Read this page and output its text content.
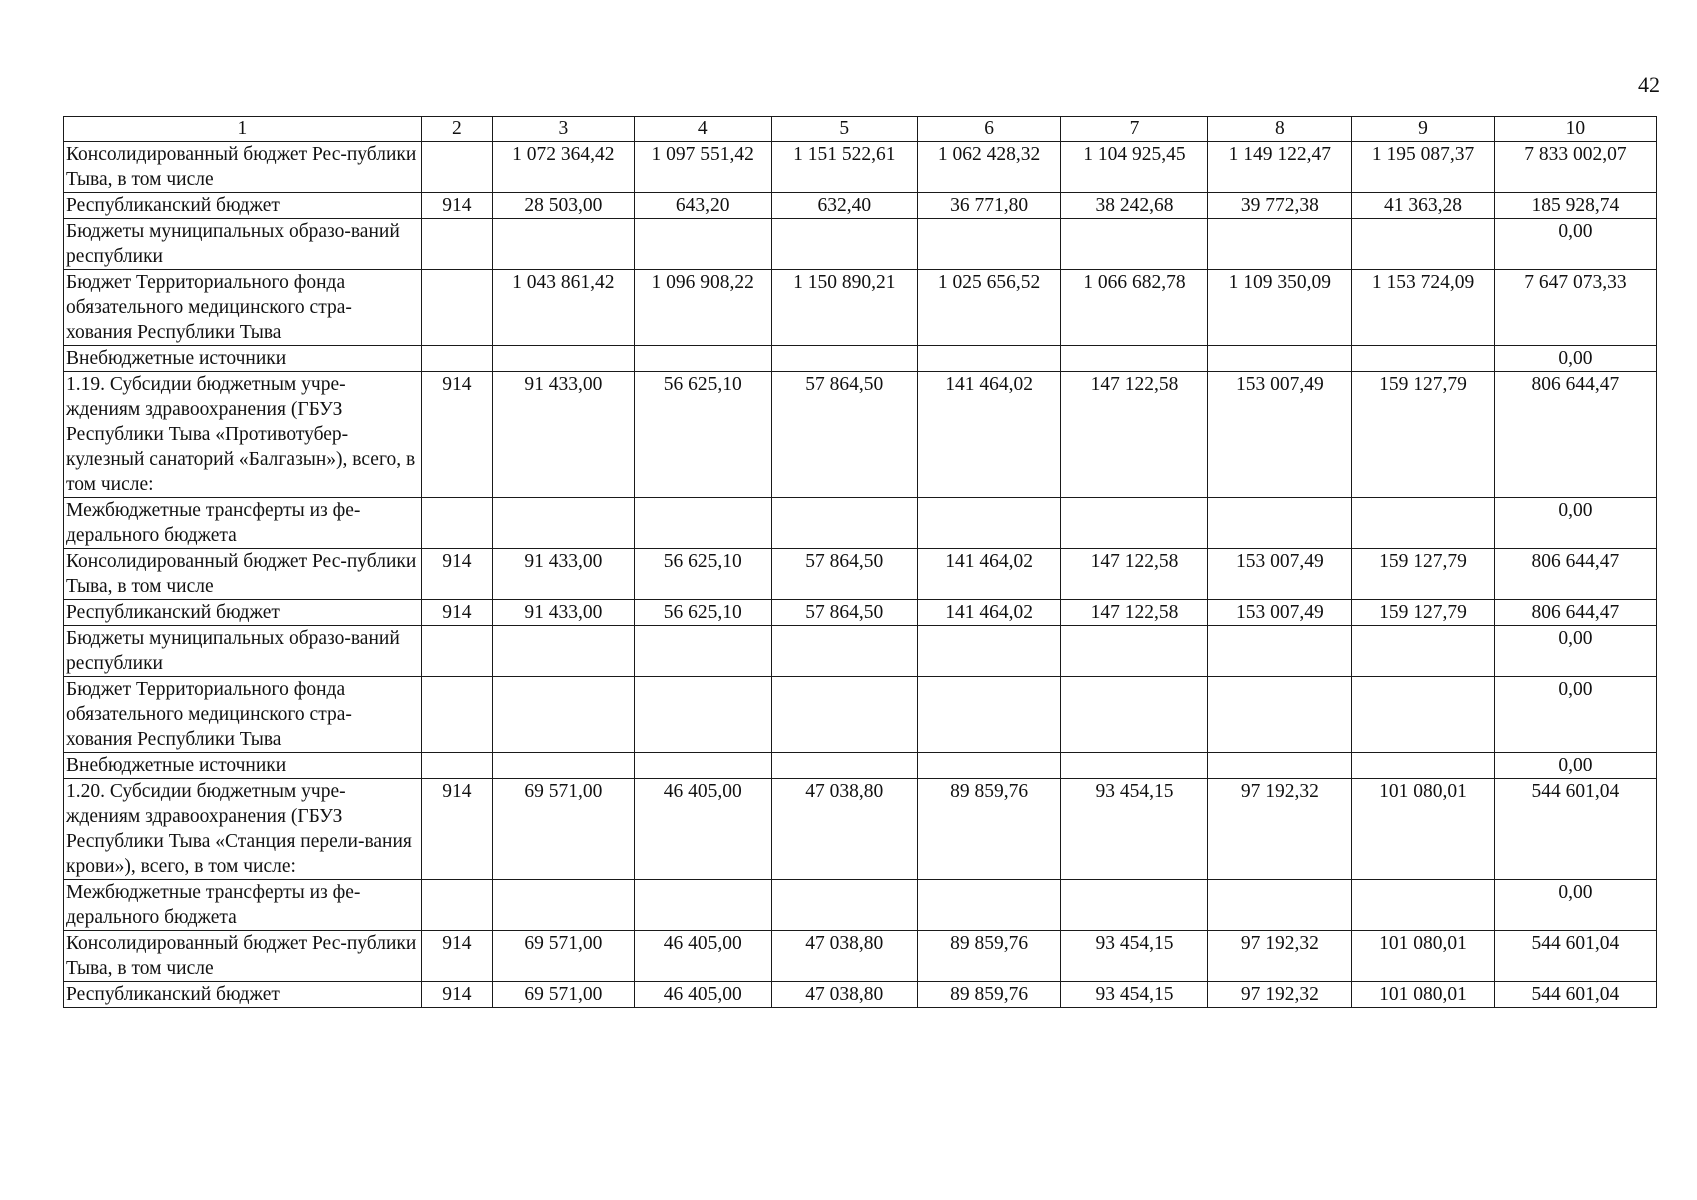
42
1	2	3	4	5	6	7	8	9	10
Консолидированный бюджет Рес-публики Тыва, в том числе		1 072 364,42	1 097 551,42	1 151 522,61	1 062 428,32	1 104 925,45	1 149 122,47	1 195 087,37	7 833 002,07
Республиканский бюджет	914	28 503,00	643,20	632,40	36 771,80	38 242,68	39 772,38	41 363,28	185 928,74
Бюджеты муниципальных образо-ваний республики									0,00
Бюджет Территориального фонда обязательного медицинского стра-хования Республики Тыва		1 043 861,42	1 096 908,22	1 150 890,21	1 025 656,52	1 066 682,78	1 109 350,09	1 153 724,09	7 647 073,33
Внебюджетные источники									0,00
1.19. Субсидии бюджетным учре-ждениям здравоохранения (ГБУЗ Республики Тыва «Противотубер-кулезный санаторий «Балгазын»), всего, в том числе:	914	91 433,00	56 625,10	57 864,50	141 464,02	147 122,58	153 007,49	159 127,79	806 644,47
Межбюджетные трансферты из фе-дерального бюджета									0,00
Консолидированный бюджет Рес-публики Тыва, в том числе	914	91 433,00	56 625,10	57 864,50	141 464,02	147 122,58	153 007,49	159 127,79	806 644,47
Республиканский бюджет	914	91 433,00	56 625,10	57 864,50	141 464,02	147 122,58	153 007,49	159 127,79	806 644,47
Бюджеты муниципальных образо-ваний республики									0,00
Бюджет Территориального фонда обязательного медицинского стра-хования Республики Тыва									0,00
Внебюджетные источники									0,00
1.20. Субсидии бюджетным учре-ждениям здравоохранения (ГБУЗ Республики Тыва «Станция перели-вания крови»), всего, в том числе:	914	69 571,00	46 405,00	47 038,80	89 859,76	93 454,15	97 192,32	101 080,01	544 601,04
Межбюджетные трансферты из фе-дерального бюджета									0,00
Консолидированный бюджет Рес-публики Тыва, в том числе	914	69 571,00	46 405,00	47 038,80	89 859,76	93 454,15	97 192,32	101 080,01	544 601,04
Республиканский бюджет	914	69 571,00	46 405,00	47 038,80	89 859,76	93 454,15	97 192,32	101 080,01	544 601,04
